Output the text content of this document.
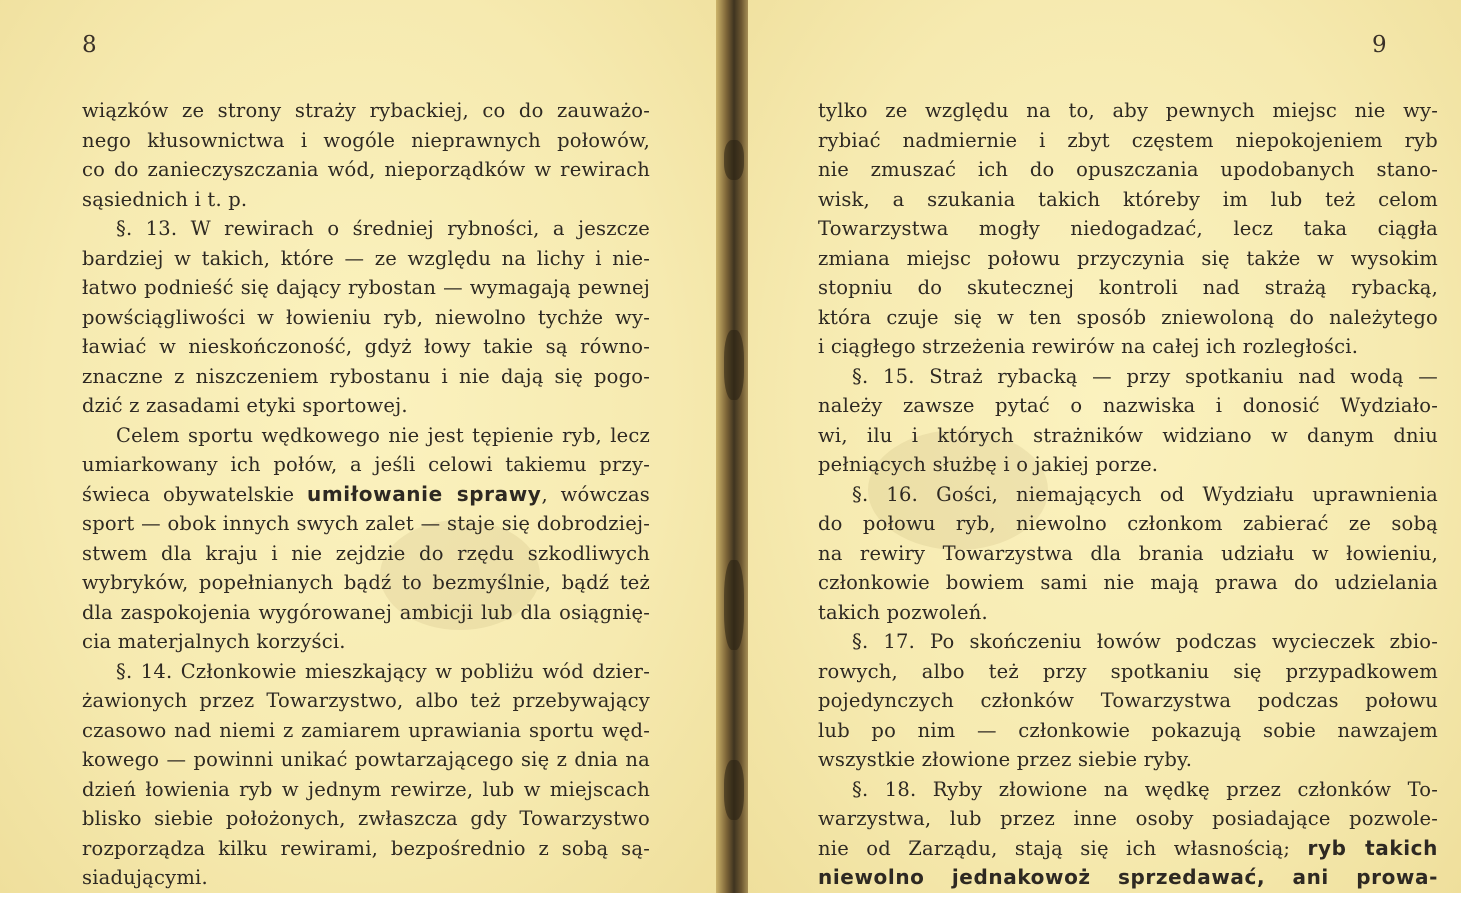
8
wiązków ze strony straży rybackiej, co do zauważo-
nego kłusownictwa i wogóle nieprawnych połowów,
co do zanieczyszczania wód, nieporządków w rewirach
sąsiednich i t. p.
§. 13. W rewirach o średniej rybności, a jeszcze
bardziej w takich, które — ze względu na lichy i nie-
łatwo podnieść się dający rybostan — wymagają pewnej
powściągliwości w łowieniu ryb, niewolno tychże wy-
ławiać w nieskończoność, gdyż łowy takie są równo-
znaczne z niszczeniem rybostanu i nie dają się pogo-
dzić z zasadami etyki sportowej.
Celem sportu wędkowego nie jest tępienie ryb, lecz
umiarkowany ich połów, a jeśli celowi takiemu przy-
świeca obywatelskie umiłowanie sprawy, wówczas
sport — obok innych swych zalet — staje się dobrodziej-
stwem dla kraju i nie zejdzie do rzędu szkodliwych
wybryków, popełnianych bądź to bezmyślnie, bądź też
dla zaspokojenia wygórowanej ambicji lub dla osiągnię-
cia materjalnych korzyści.
§. 14. Członkowie mieszkający w pobliżu wód dzier-
żawionych przez Towarzystwo, albo też przebywający
czasowo nad niemi z zamiarem uprawiania sportu węd-
kowego — powinni unikać powtarzającego się z dnia na
dzień łowienia ryb w jednym rewirze, lub w miejscach
blisko siebie położonych, zwłaszcza gdy Towarzystwo
rozporządza kilku rewirami, bezpośrednio z sobą są-
siadującymi.
9
tylko ze względu na to, aby pewnych miejsc nie wy-
rybiać nadmiernie i zbyt częstem niepokojeniem ryb
nie zmuszać ich do opuszczania upodobanych stano-
wisk, a szukania takich któreby im lub też celom
Towarzystwa mogły niedogadzać, lecz taka ciągła
zmiana miejsc połowu przyczynia się także w wysokim
stopniu do skutecznej kontroli nad strażą rybacką,
która czuje się w ten sposób zniewoloną do należytego
i ciągłego strzeżenia rewirów na całej ich rozległości.
§. 15. Straż rybacką — przy spotkaniu nad wodą —
należy zawsze pytać o nazwiska i donosić Wydziało-
wi, ilu i których strażników widziano w danym dniu
pełniących służbę i o jakiej porze.
§. 16. Gości, niemających od Wydziału uprawnienia
do połowu ryb, niewolno członkom zabierać ze sobą
na rewiry Towarzystwa dla brania udziału w łowieniu,
członkowie bowiem sami nie mają prawa do udzielania
takich pozwoleń.
§. 17. Po skończeniu łowów podczas wycieczek zbio-
rowych, albo też przy spotkaniu się przypadkowem
pojedynczych członków Towarzystwa podczas połowu
lub po nim — członkowie pokazują sobie nawzajem
wszystkie złowione przez siebie ryby.
§. 18. Ryby złowione na wędkę przez członków To-
warzystwa, lub przez inne osoby posiadające pozwole-
nie od Zarządu, stają się ich własnością; ryb takich
niewolno jednakowoż sprzedawać, ani prowa-
